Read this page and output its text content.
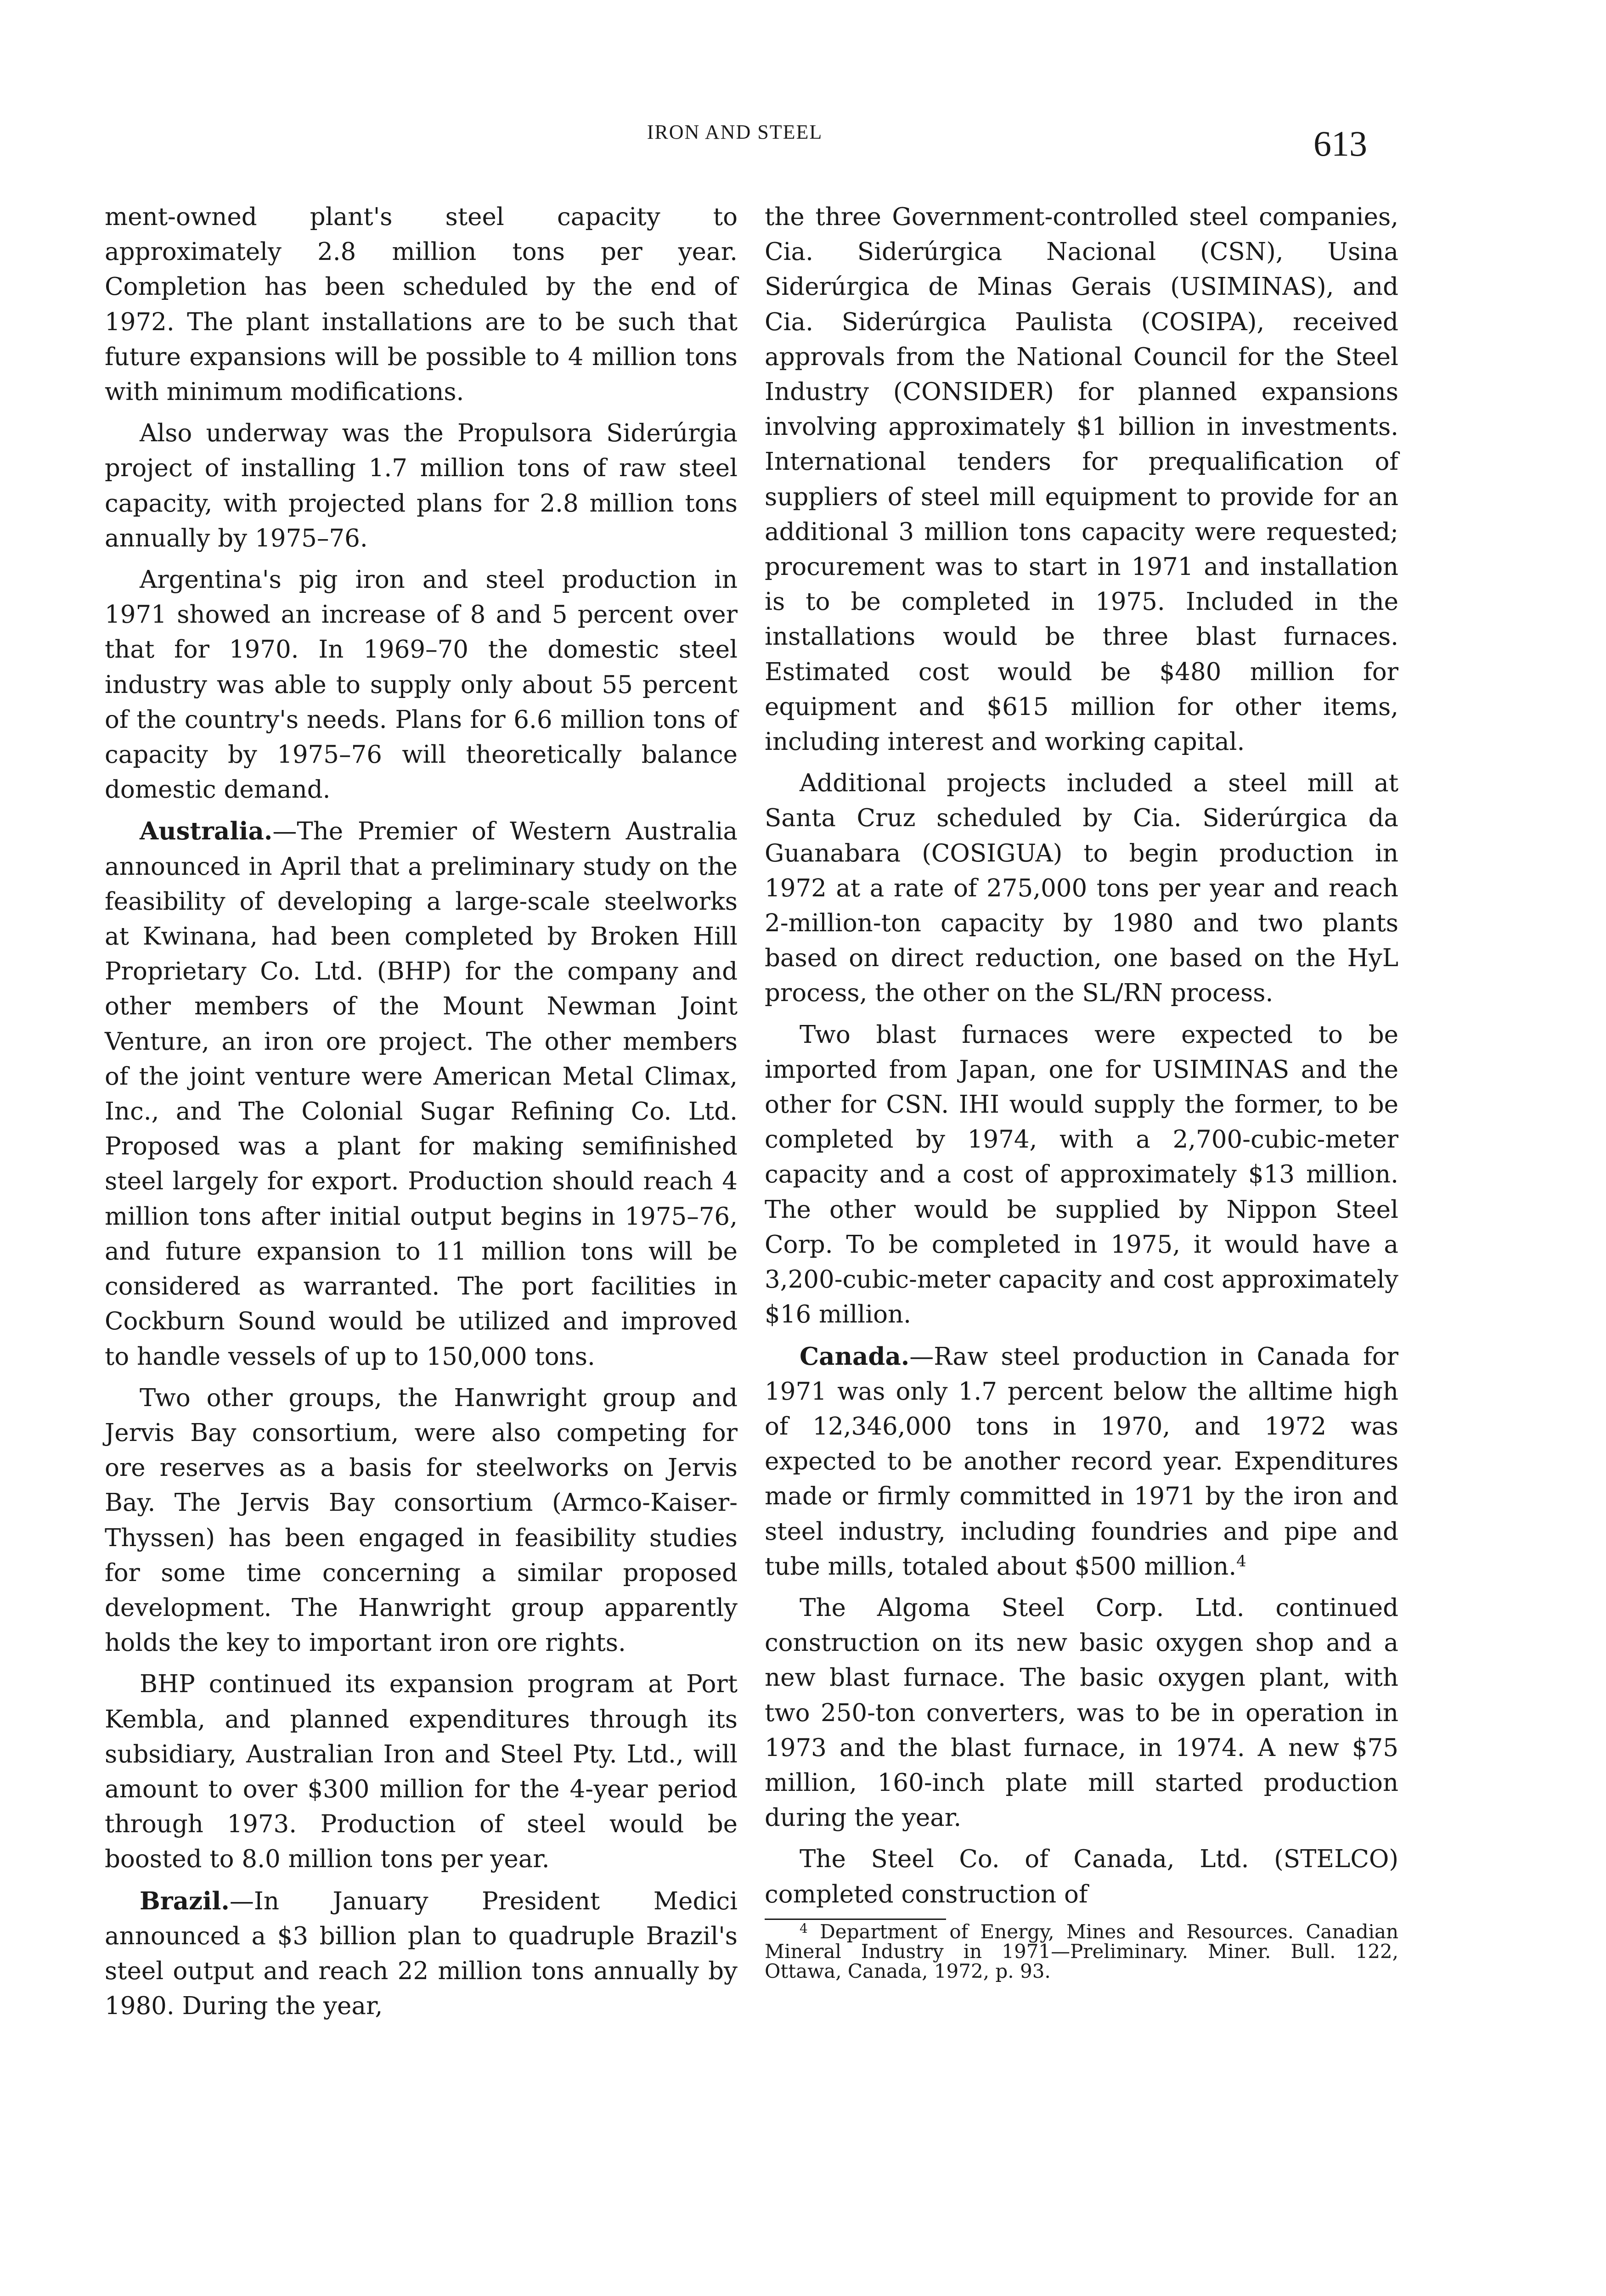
IRON AND STEEL	613

ment-owned plant's steel capacity to approximately 2.8 million tons per year. Completion has been scheduled by the end of 1972. The plant installations are to be such that future expansions will be possible to 4 million tons with minimum modifications.

Also underway was the Propulsora Siderúrgia project of installing 1.7 million tons of raw steel capacity, with projected plans for 2.8 million tons annually by 1975–76.

Argentina's pig iron and steel production in 1971 showed an increase of 8 and 5 percent over that for 1970. In 1969–70 the domestic steel industry was able to supply only about 55 percent of the country's needs. Plans for 6.6 million tons of capacity by 1975–76 will theoretically balance domestic demand.

Australia.—The Premier of Western Australia announced in April that a preliminary study on the feasibility of developing a large-scale steelworks at Kwinana, had been completed by Broken Hill Proprietary Co. Ltd. (BHP) for the company and other members of the Mount Newman Joint Venture, an iron ore project. The other members of the joint venture were American Metal Climax, Inc., and The Colonial Sugar Refining Co. Ltd. Proposed was a plant for making semifinished steel largely for export. Production should reach 4 million tons after initial output begins in 1975–76, and future expansion to 11 million tons will be considered as warranted. The port facilities in Cockburn Sound would be utilized and improved to handle vessels of up to 150,000 tons.

Two other groups, the Hanwright group and Jervis Bay consortium, were also competing for ore reserves as a basis for steelworks on Jervis Bay. The Jervis Bay consortium (Armco-Kaiser-Thyssen) has been engaged in feasibility studies for some time concerning a similar proposed development. The Hanwright group apparently holds the key to important iron ore rights.

BHP continued its expansion program at Port Kembla, and planned expenditures through its subsidiary, Australian Iron and Steel Pty. Ltd., will amount to over $300 million for the 4-year period through 1973. Production of steel would be boosted to 8.0 million tons per year.

Brazil.—In January President Medici announced a $3 billion plan to quadruple Brazil's steel output and reach 22 million tons annually by 1980. During the year,

the three Government-controlled steel companies, Cia. Siderúrgica Nacional (CSN), Usina Siderúrgica de Minas Gerais (USIMINAS), and Cia. Siderúrgica Paulista (COSIPA), received approvals from the National Council for the Steel Industry (CONSIDER) for planned expansions involving approximately $1 billion in investments. International tenders for prequalification of suppliers of steel mill equipment to provide for an additional 3 million tons capacity were requested; procurement was to start in 1971 and installation is to be completed in 1975. Included in the installations would be three blast furnaces. Estimated cost would be $480 million for equipment and $615 million for other items, including interest and working capital.

Additional projects included a steel mill at Santa Cruz scheduled by Cia. Siderúrgica da Guanabara (COSIGUA) to begin production in 1972 at a rate of 275,000 tons per year and reach 2-million-ton capacity by 1980 and two plants based on direct reduction, one based on the HyL process, the other on the SL/RN process.

Two blast furnaces were expected to be imported from Japan, one for USIMINAS and the other for CSN. IHI would supply the former, to be completed by 1974, with a 2,700-cubic-meter capacity and a cost of approximately $13 million. The other would be supplied by Nippon Steel Corp. To be completed in 1975, it would have a 3,200-cubic-meter capacity and cost approximately $16 million.

Canada.—Raw steel production in Canada for 1971 was only 1.7 percent below the alltime high of 12,346,000 tons in 1970, and 1972 was expected to be another record year. Expenditures made or firmly committed in 1971 by the iron and steel industry, including foundries and pipe and tube mills, totaled about $500 million.$^4$

The Algoma Steel Corp. Ltd. continued construction on its new basic oxygen shop and a new blast furnace. The basic oxygen plant, with two 250-ton converters, was to be in operation in 1973 and the blast furnace, in 1974. A new $75 million, 160-inch plate mill started production during the year.

The Steel Co. of Canada, Ltd. (STELCO) completed construction of

$^4$ Department of Energy, Mines and Resources. Canadian Mineral Industry in 1971—Preliminary. Miner. Bull. 122, Ottawa, Canada, 1972, p. 93.
